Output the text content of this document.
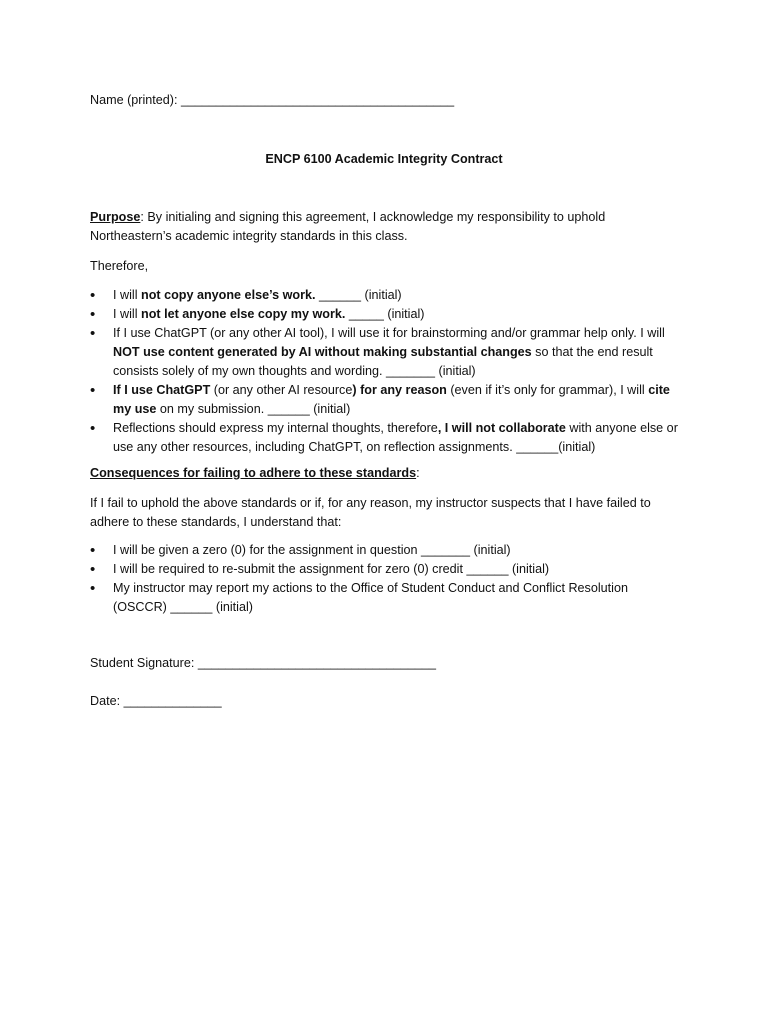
Name (printed): _______________________________________
ENCP 6100 Academic Integrity Contract
Purpose: By initialing and signing this agreement, I acknowledge my responsibility to uphold Northeastern’s academic integrity standards in this class.
Therefore,
• I will not copy anyone else’s work. ______ (initial)
• I will not let anyone else copy my work. _____ (initial)
• If I use ChatGPT (or any other AI tool), I will use it for brainstorming and/or grammar help only. I will NOT use content generated by AI without making substantial changes so that the end result consists solely of my own thoughts and wording. _______ (initial)
• If I use ChatGPT (or any other AI resource) for any reason (even if it’s only for grammar), I will cite my use on my submission. ______ (initial)
• Reflections should express my internal thoughts, therefore, I will not collaborate with anyone else or use any other resources, including ChatGPT, on reflection assignments. ______(initial)
Consequences for failing to adhere to these standards:
If I fail to uphold the above standards or if, for any reason, my instructor suspects that I have failed to adhere to these standards, I understand that:
• I will be given a zero (0) for the assignment in question _______ (initial)
• I will be required to re-submit the assignment for zero (0) credit ______ (initial)
• My instructor may report my actions to the Office of Student Conduct and Conflict Resolution (OSCCR) ______ (initial)
Student Signature: __________________________________
Date: ______________
